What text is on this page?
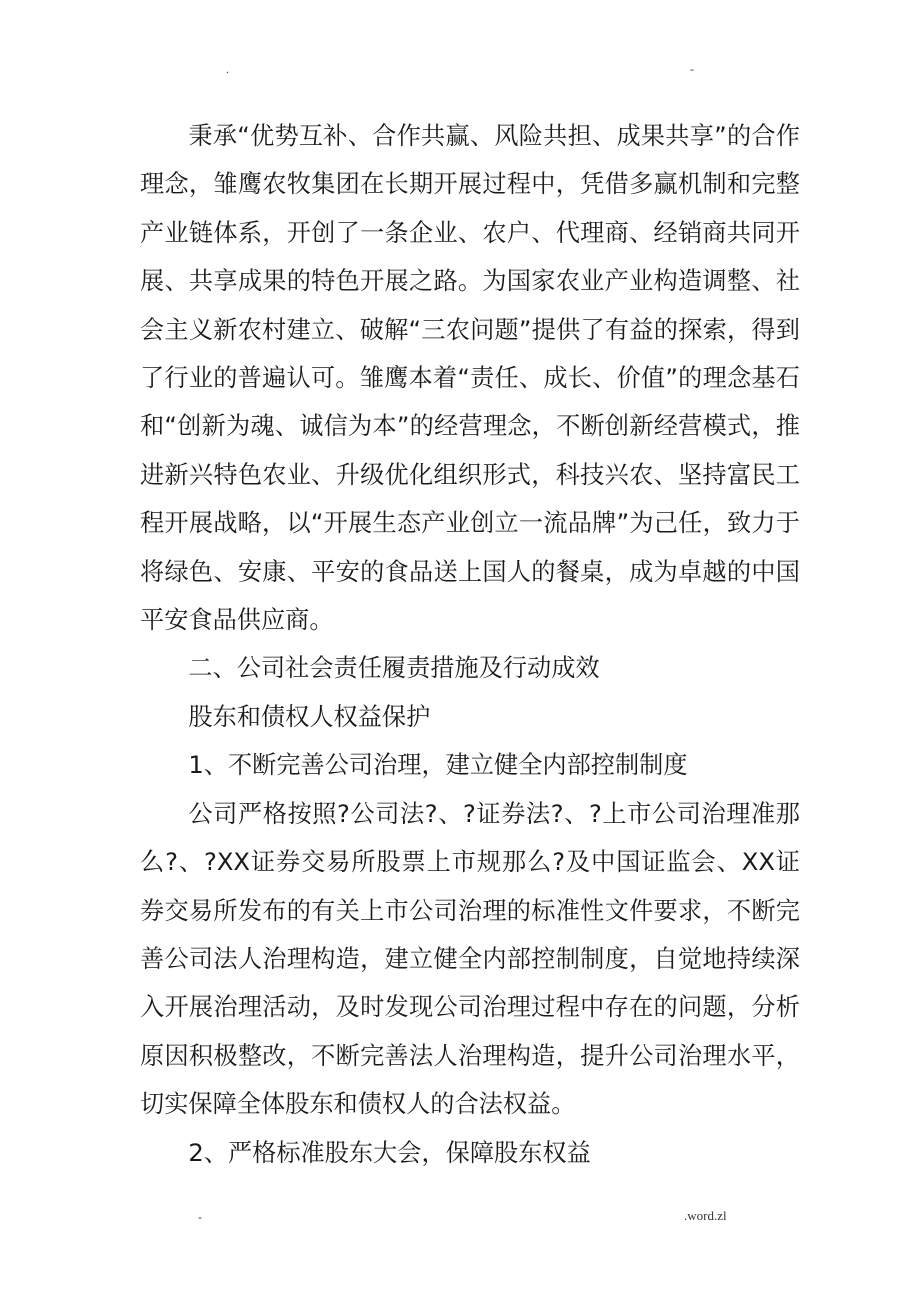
.	-

秉承“优势互补、合作共赢、风险共担、成果共享”的合作理念，雏鹰农牧集团在长期开展过程中，凭借多赢机制和完整产业链体系，开创了一条企业、农户、代理商、经销商共同开展、共享成果的特色开展之路。为国家农业产业构造调整、社会主义新农村建立、破解“三农问题”提供了有益的探索，得到了行业的普遍认可。雏鹰本着“责任、成长、价值”的理念基石和“创新为魂、诚信为本”的经营理念，不断创新经营模式，推进新兴特色农业、升级优化组织形式，科技兴农、坚持富民工程开展战略，以“开展生态产业创立一流品牌”为己任，致力于将绿色、安康、平安的食品送上国人的餐桌，成为卓越的中国平安食品供应商。

二、公司社会责任履责措施及行动成效

股东和债权人权益保护

1、不断完善公司治理，建立健全内部控制制度

公司严格按照?公司法?、?证券法?、?上市公司治理准那么?、?XX证券交易所股票上市规那么?及中国证监会、XX证券交易所发布的有关上市公司治理的标准性文件要求，不断完善公司法人治理构造，建立健全内部控制制度，自觉地持续深入开展治理活动，及时发现公司治理过程中存在的问题，分析原因积极整改，不断完善法人治理构造，提升公司治理水平，切实保障全体股东和债权人的合法权益。

2、严格标准股东大会，保障股东权益

-	.word.zl
